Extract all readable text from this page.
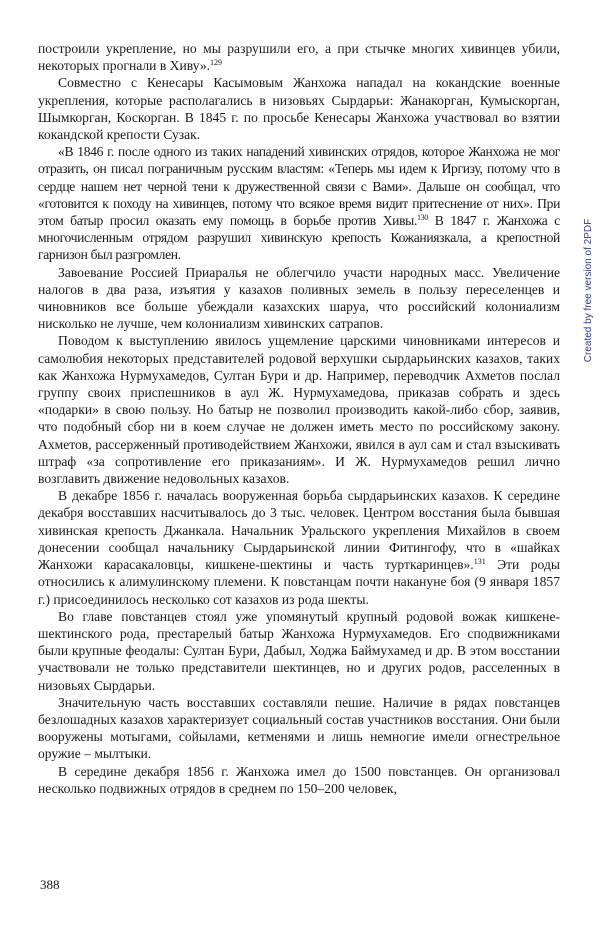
построили укрепление, но мы разрушили его, а при стычке многих хивинцев убили, некоторых прогнали в Хиву».$^{129}$

Совместно с Кенесары Касымовым Жанхожа нападал на кокандские военные укрепления, которые располагались в низовьях Сырдарьи: Жанакорган, Кумыскорган, Шымкорган, Коскорган. В 1845 г. по просьбе Кенесары Жанхожа участвовал во взятии кокандской крепости Сузак.

«В 1846 г. после одного из таких нападений хивинских отрядов, которое Жанхожа не мог отразить, он писал пограничным русским властям: «Теперь мы идем к Иргизу, потому что в сердце нашем нет черной тени к дружественной связи с Вами». Дальше он сообщал, что «готовится к походу на хивинцев, потому что всякое время видит притеснение от них». При этом батыр просил оказать ему помощь в борьбе против Хивы.$^{130}$ В 1847 г. Жанхожа с многочисленным отрядом разрушил хивинскую крепость Кожаниязкала, а крепостной гарнизон был разгромлен.

Завоевание Россией Приаралья не облегчило участи народных масс. Увеличение налогов в два раза, изъятия у казахов поливных земель в пользу переселенцев и чиновников все больше убеждали казахских шаруа, что российский колониализм нисколько не лучше, чем колониализм хивинских сатрапов.

Поводом к выступлению явилось ущемление царскими чиновниками интересов и самолюбия некоторых представителей родовой верхушки сырдарьинских казахов, таких как Жанхожа Нурмухамедов, Султан Бури и др. Например, переводчик Ахметов послал группу своих приспешников в аул Ж. Нурмухамедова, приказав собрать и здесь «подарки» в свою пользу. Но батыр не позволил производить какой-либо сбор, заявив, что подобный сбор ни в коем случае не должен иметь место по российскому закону. Ахметов, рассерженный противодействием Жанхожи, явился в аул сам и стал взыскивать штраф «за сопротивление его приказаниям». И Ж. Нурмухамедов решил лично возглавить движение недовольных казахов.

В декабре 1856 г. началась вооруженная борьба сырдарьинских казахов. К середине декабря восставших насчитывалось до 3 тыс. человек. Центром восстания была бывшая хивинская крепость Джанкала. Начальник Уральского укрепления Михайлов в своем донесении сообщал начальнику Сырдарьинской линии Фитингофу, что в «шайках Жанхожи карасакаловцы, кишкене-шектины и часть турткаринцев».$^{131}$ Эти роды относились к алимулинскому племени. К повстанцам почти накануне боя (9 января 1857 г.) присоединилось несколько сот казахов из рода шекты.

Во главе повстанцев стоял уже упомянутый крупный родовой вожак кишкене-шектинского рода, престарелый батыр Жанхожа Нурмухамедов. Его сподвижниками были крупные феодалы: Султан Бури, Дабыл, Ходжа Баймухамед и др. В этом восстании участвовали не только представители шектинцев, но и других родов, расселенных в низовьях Сырдарьи.

Значительную часть восставших составляли пешие. Наличие в рядах повстанцев безлошадных казахов характеризует социальный состав участников восстания. Они были вооружены мотыгами, сойылами, кетменями и лишь немногие имели огнестрельное оружие – мылтыки.

В середине декабря 1856 г. Жанхожа имел до 1500 повстанцев. Он организовал несколько подвижных отрядов в среднем по 150–200 человек,

388
Created by free version of 2PDF
